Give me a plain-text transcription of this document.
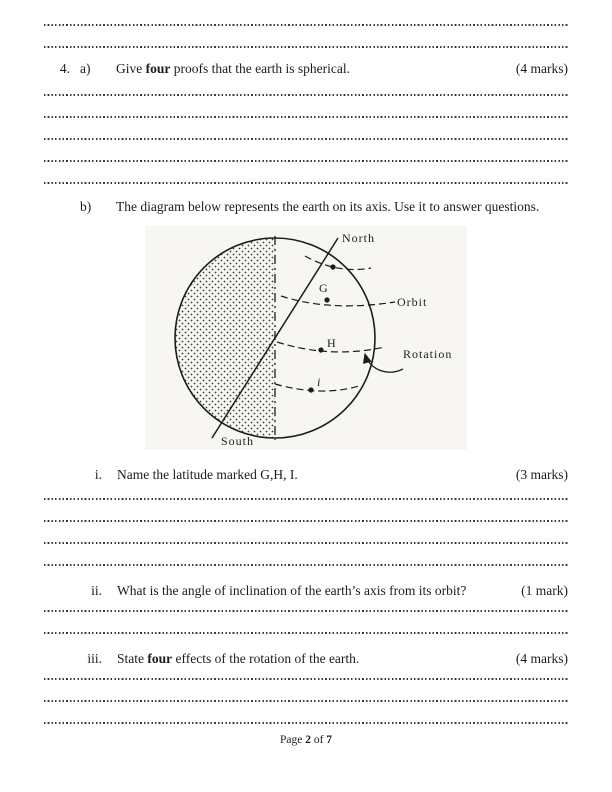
4. a)	Give four proofs that the earth is spherical.	(4 marks)
b)	The diagram below represents the earth on its axis. Use it to answer questions.
North
South
Orbit
Rotation
G
H
i
i. Name the latitude marked G,H, I.	(3 marks)
ii. What is the angle of inclination of the earth’s axis from its orbit?	(1 mark)
iii. State four effects of the rotation of the earth.	(4 marks)
Page 2 of 7
